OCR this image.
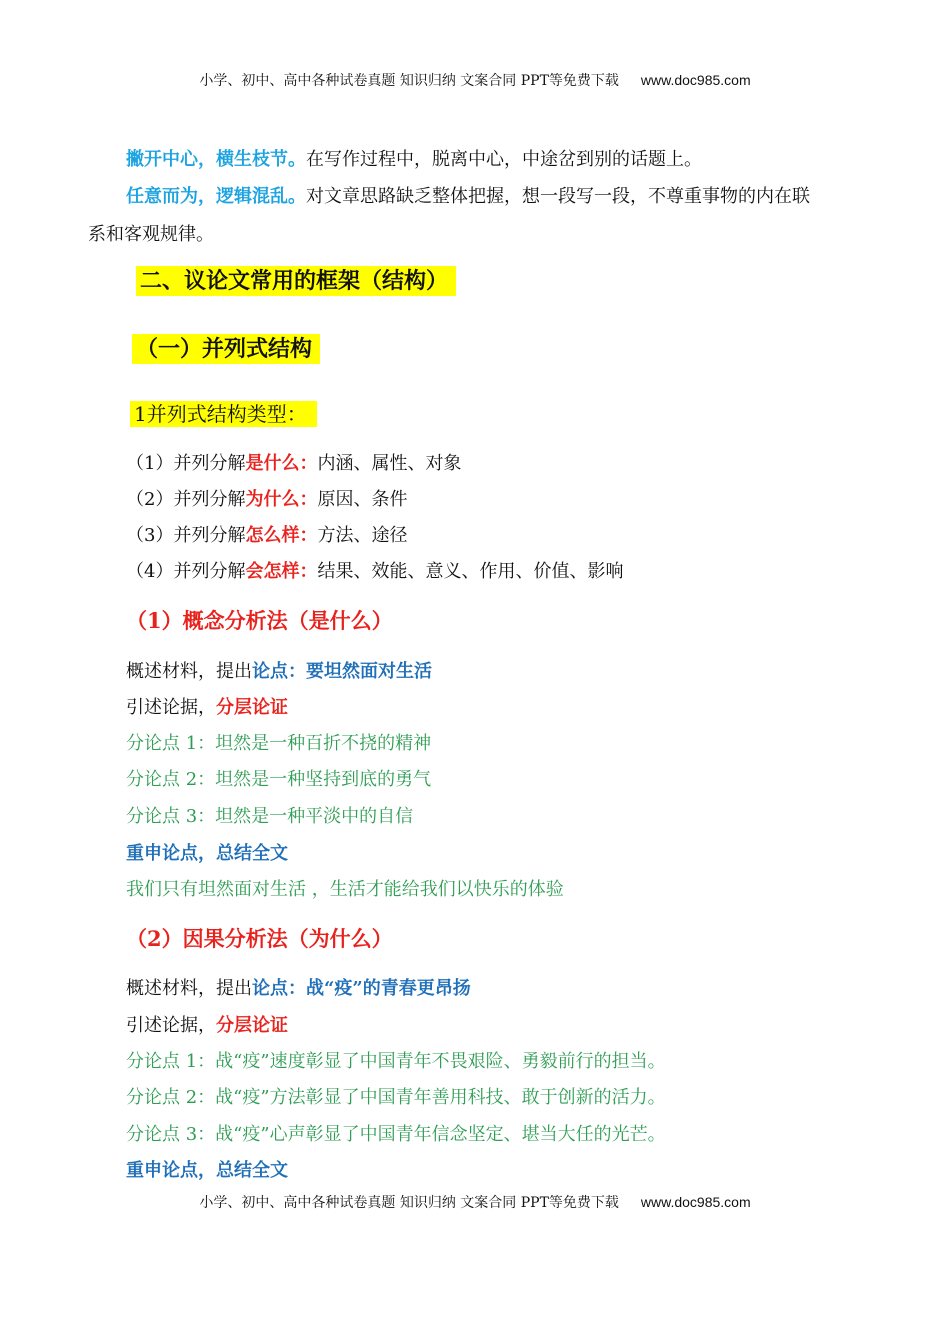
小学、初中、高中各种试卷真题 知识归纳 文案合同 PPT等免费下载 www.doc985.com
撇开中心，横生枝节。在写作过程中，脱离中心，中途岔到别的话题上。
任意而为，逻辑混乱。对文章思路缺乏整体把握，想一段写一段，不尊重事物的内在联
系和客观规律。
二、议论文常用的框架（结构）
（一）并列式结构
1并列式结构类型：
（1）并列分解是什么：内涵、属性、对象
（2）并列分解为什么：原因、条件
（3）并列分解怎么样：方法、途径
（4）并列分解会怎样：结果、效能、意义、作用、价值、影响
（1）概念分析法（是什么）
概述材料，提出论点：要坦然面对生活
引述论据，分层论证
分论点 1：坦然是一种百折不挠的精神
分论点 2：坦然是一种坚持到底的勇气
分论点 3：坦然是一种平淡中的自信
重申论点，总结全文
我们只有坦然面对生活 ，生活才能给我们以快乐的体验
（2）因果分析法（为什么）
概述材料，提出论点：战“疫”的青春更昂扬
引述论据，分层论证
分论点 1：战“疫”速度彰显了中国青年不畏艰险、勇毅前行的担当。
分论点 2：战“疫”方法彰显了中国青年善用科技、敢于创新的活力。
分论点 3：战“疫”心声彰显了中国青年信念坚定、堪当大任的光芒。
重申论点，总结全文
小学、初中、高中各种试卷真题 知识归纳 文案合同 PPT等免费下载 www.doc985.com
